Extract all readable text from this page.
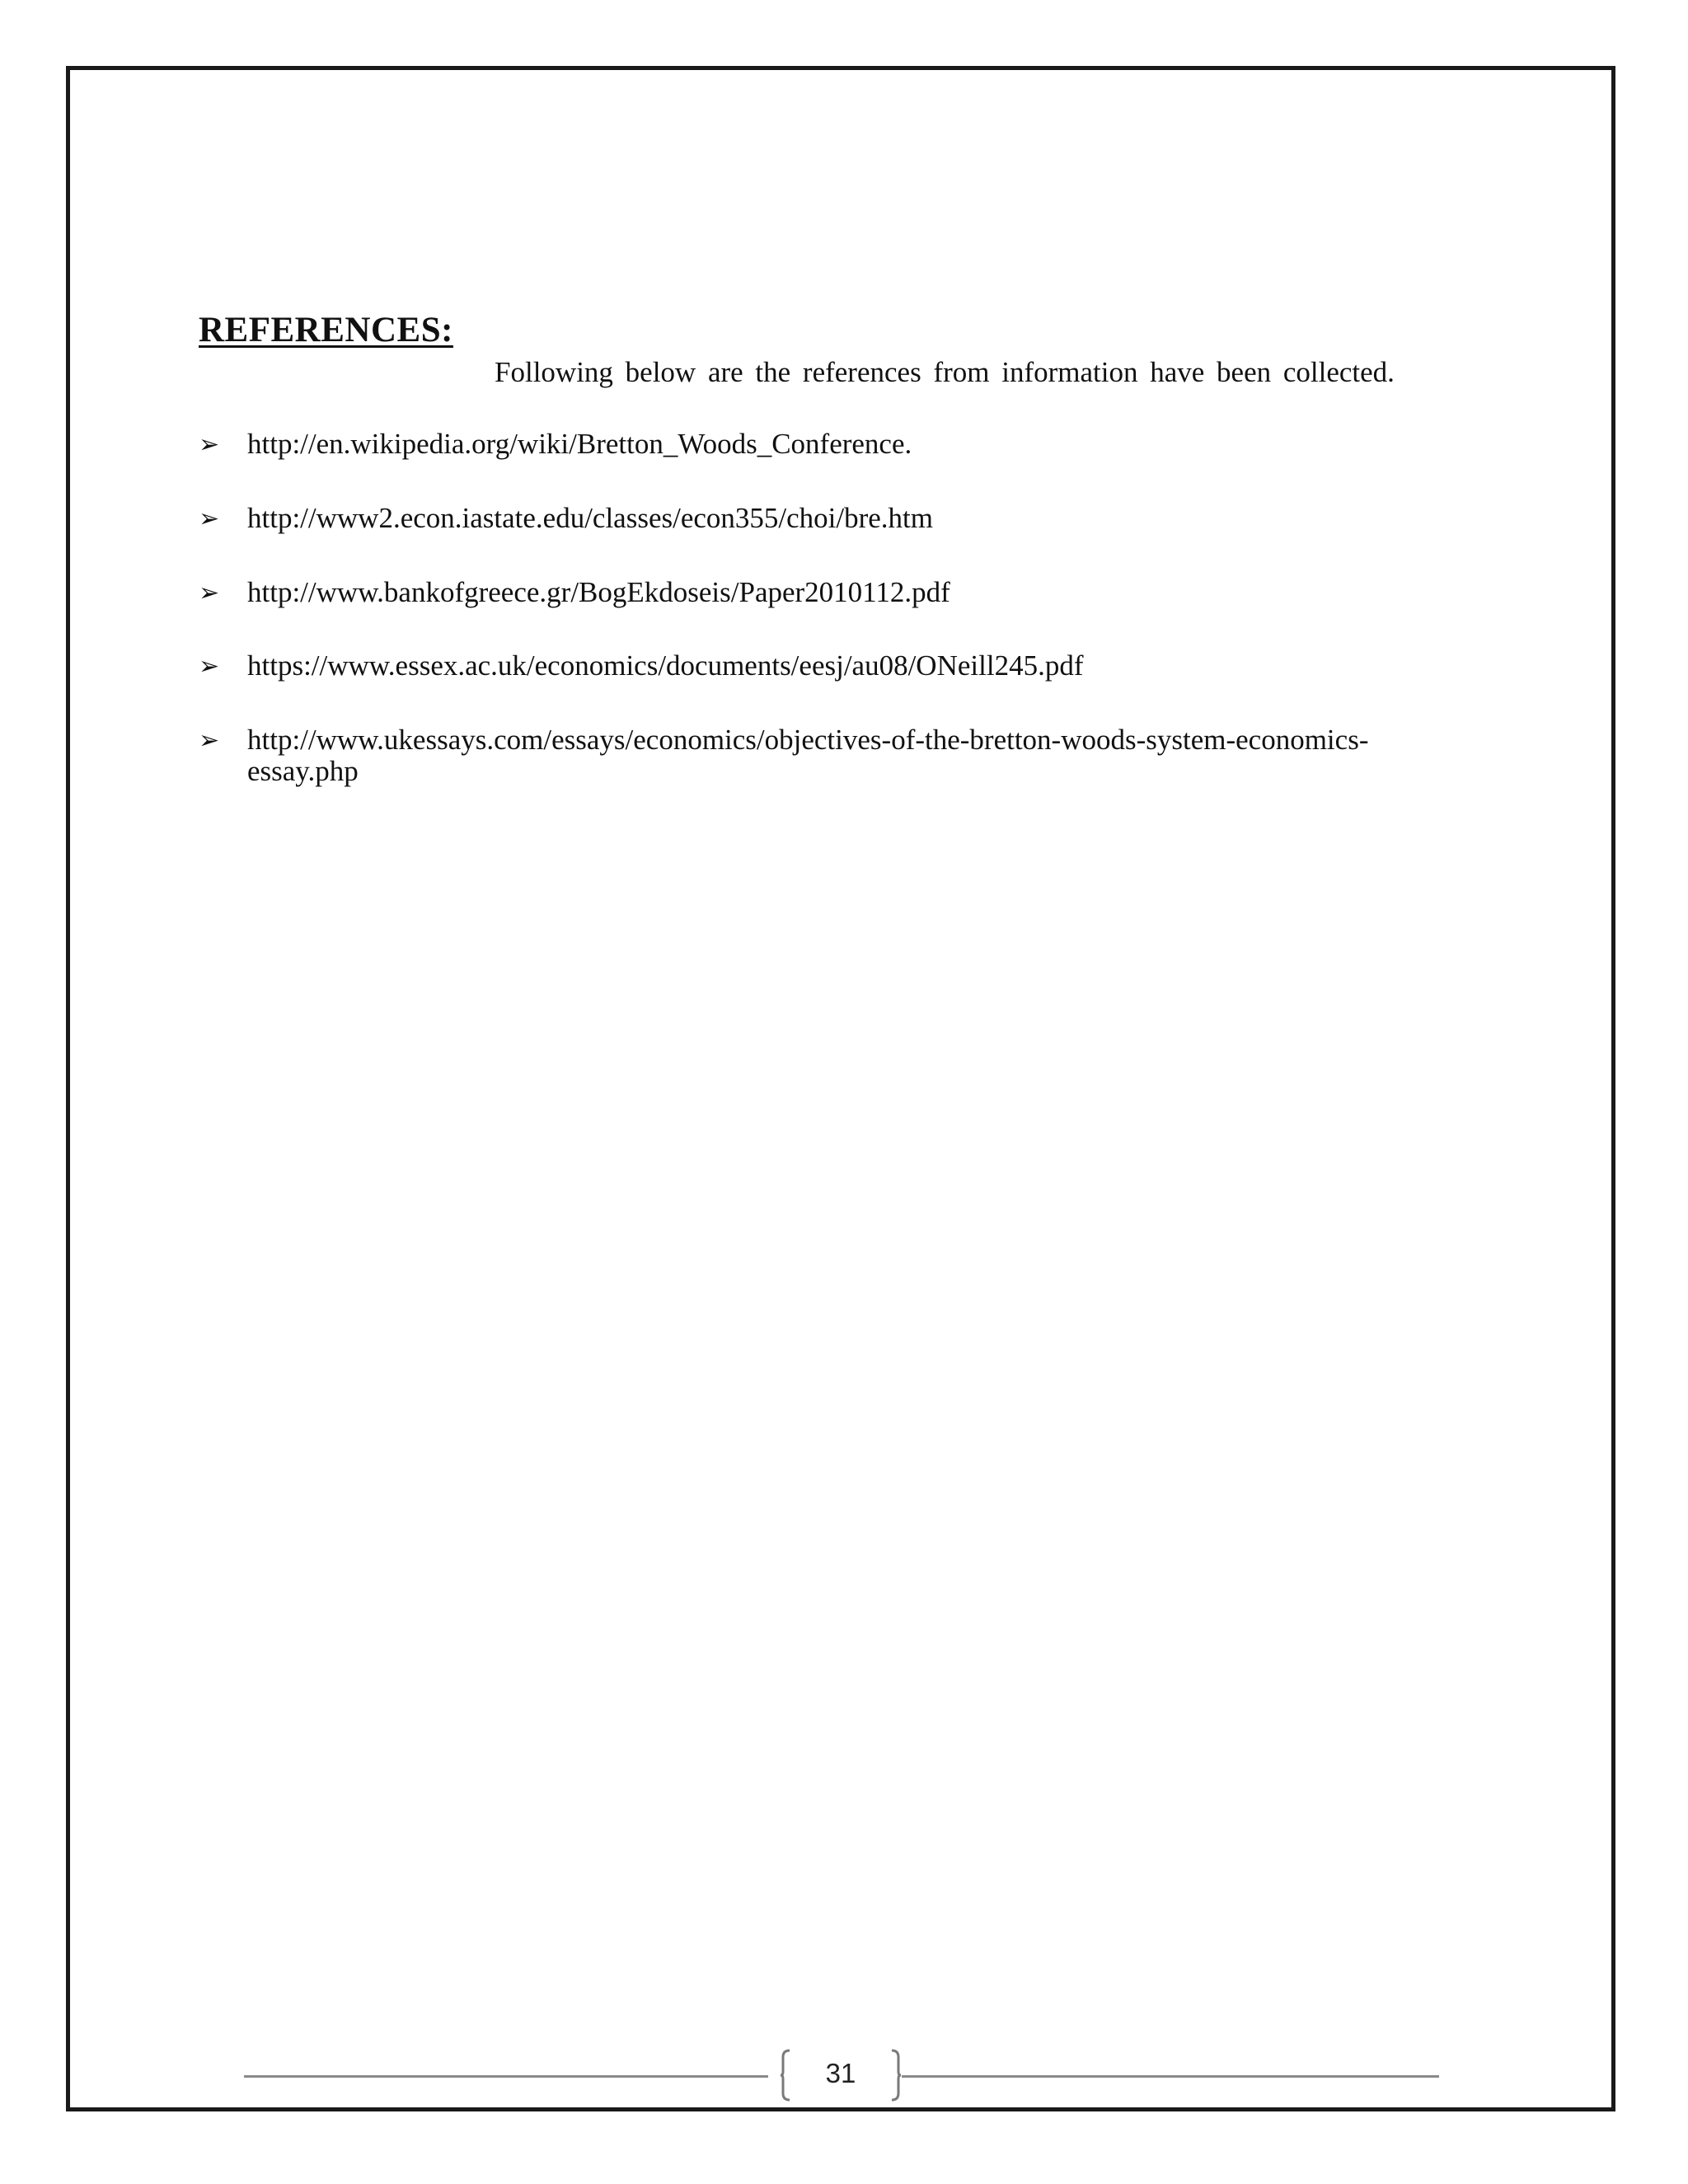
REFERENCES:
Following below are the references from information have been collected.
➢ http://en.wikipedia.org/wiki/Bretton_Woods_Conference.
➢ http://www2.econ.iastate.edu/classes/econ355/choi/bre.htm
➢ http://www.bankofgreece.gr/BogEkdoseis/Paper2010112.pdf
➢ https://www.essex.ac.uk/economics/documents/eesj/au08/ONeill245.pdf
➢ http://www.ukessays.com/essays/economics/objectives-of-the-bretton-woods-system-economics-essay.php
31
